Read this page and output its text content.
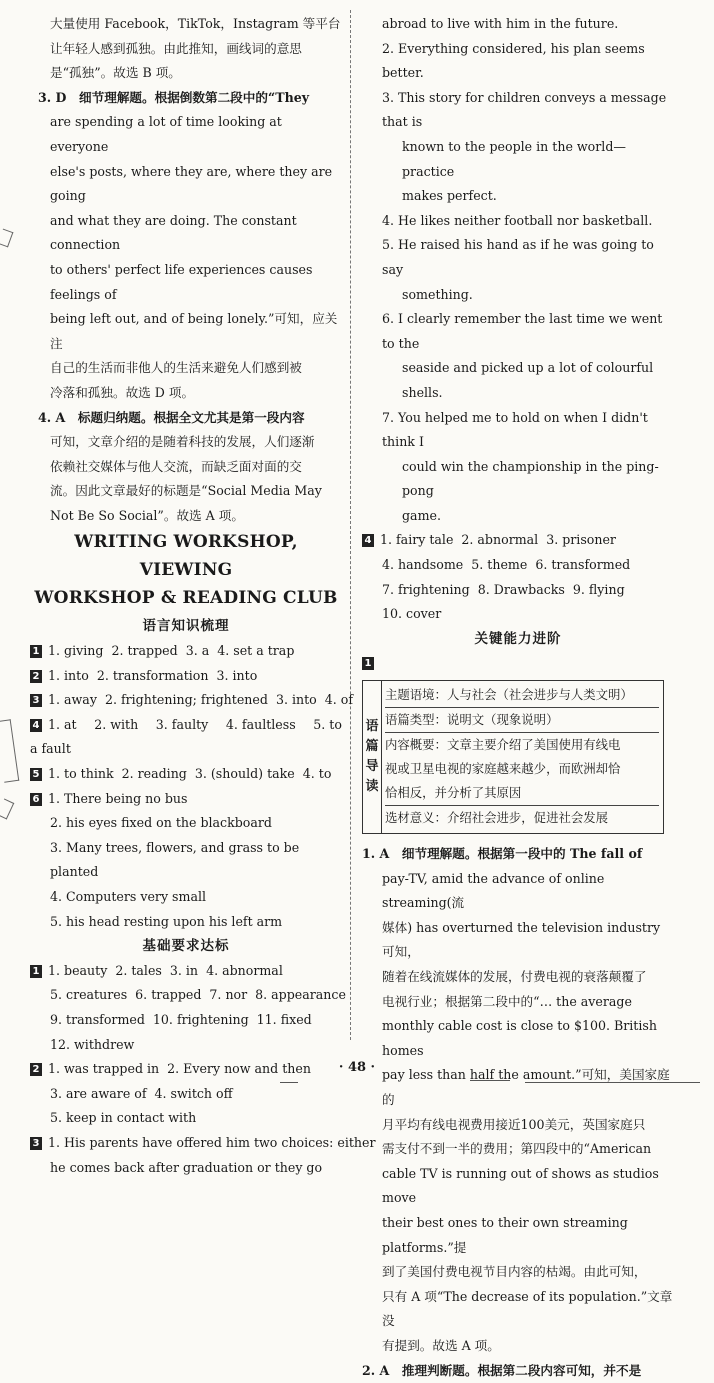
大量使用 Facebook，TikTok，Instagram 等平台

让年轻人感到孤独。由此推知，画线词的意思

是“孤独”。故选 B 项。

3. D　细节理解题。根据倒数第二段中的“They

are spending a lot of time looking at everyone

else's posts, where they are, where they are going

and what they are doing. The constant connection

to others' perfect life experiences causes feelings of

being left out, and of being lonely.”可知，应关注

自己的生活而非他人的生活来避免人们感到被

冷落和孤独。故选 D 项。

4. A　标题归纳题。根据全文尤其是第一段内容

可知，文章介绍的是随着科技的发展，人们逐渐

依赖社交媒体与他人交流，而缺乏面对面的交

流。因此文章最好的标题是“Social Media May

Not Be So Social”。故选 A 项。

WRITING WORKSHOP, VIEWING

WORKSHOP & READING CLUB

语言知识梳理

1 1. giving 2. trapped 3. a 4. set a trap

2 1. into 2. transformation 3. into

3 1. away 2. frightening; frightened 3. into 4. of

4 1. at 2. with 3. faulty 4. faultless 5. to

a fault

5 1. to think 2. reading 3. (should) take 4. to

6 1. There being no bus

2. his eyes fixed on the blackboard

3. Many trees, flowers, and grass to be planted

4. Computers very small

5. his head resting upon his left arm

基础要求达标

1 1. beauty 2. tales 3. in 4. abnormal

5. creatures 6. trapped 7. nor 8. appearance

9. transformed 10. frightening 11. fixed

12. withdrew

2 1. was trapped in 2. Every now and then

3. are aware of 4. switch off

5. keep in contact with

3 1. His parents have offered him two choices: either

he comes back after graduation or they go

abroad to live with him in the future.

2. Everything considered, his plan seems better.

3. This story for children conveys a message that is

known to the people in the world—practice

makes perfect.

4. He likes neither football nor basketball.

5. He raised his hand as if he was going to say

something.

6. I clearly remember the last time we went to the

seaside and picked up a lot of colourful shells.

7. You helped me to hold on when I didn't think I

could win the championship in the ping-pong

game.

4 1. fairy tale 2. abnormal 3. prisoner

4. handsome 5. theme 6. transformed

7. frightening 8. Drawbacks 9. flying

10. cover

关键能力进阶

1

语
篇
导
读

主题语境：人与社会（社会进步与人类文明）

语篇类型：说明文（现象说明）

内容概要：文章主要介绍了美国使用有线电

视或卫星电视的家庭越来越少，而欧洲却恰

恰相反，并分析了其原因

选材意义：介绍社会进步，促进社会发展

1. A　细节理解题。根据第一段中的 The fall of

pay-TV, amid the advance of online streaming(流

媒体) has overturned the television industry 可知，

随着在线流媒体的发展，付费电视的衰落颠覆了

电视行业；根据第二段中的“… the average

monthly cable cost is close to $100. British homes

pay less than half the amount.”可知，美国家庭的

月平均有线电视费用接近100美元，英国家庭只

需支付不到一半的费用；第四段中的“American

cable TV is running out of shows as studios move

their best ones to their own streaming platforms.”提

到了美国付费电视节目内容的枯竭。由此可知，

只有 A 项“The decrease of its population.”文章没

有提到。故选 A 项。

2. A　推理判断题。根据第二段内容可知，并不是

· 48 ·
